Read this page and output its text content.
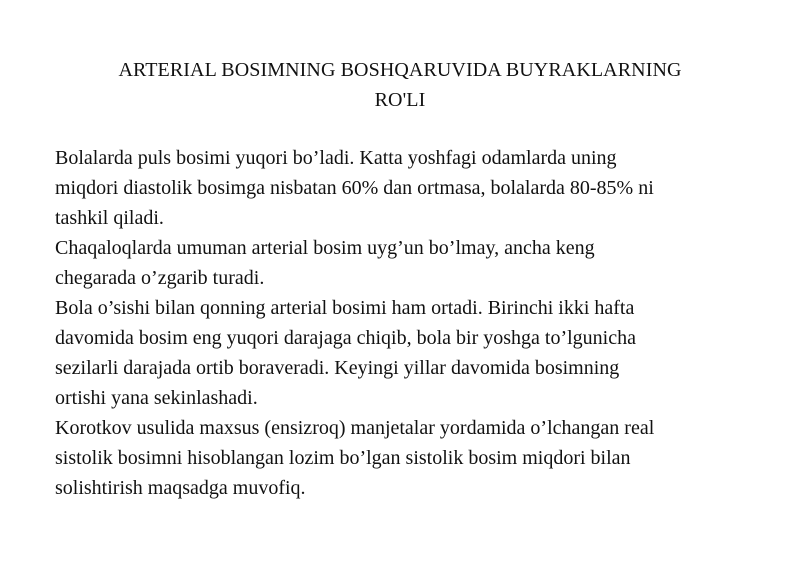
ARTERIAL BOSIMNING BOSHQARUVIDA BUYRAKLARNING
RO'LI
Bolalarda puls bosimi yuqori bo’ladi. Katta yoshfagi odamlarda uning
miqdori diastolik bosimga nisbatan 60% dan ortmasa, bolalarda 80-85% ni
tashkil qiladi.
Chaqaloqlarda umuman arterial bosim uyg’un bo’lmay, ancha keng
chegarada o’zgarib turadi.
Bola o’sishi bilan qonning arterial bosimi ham ortadi. Birinchi ikki hafta
davomida bosim eng yuqori darajaga chiqib, bola bir yoshga to’lgunicha
sezilarli darajada ortib boraveradi. Keyingi yillar davomida bosimning
ortishi yana sekinlashadi.
Korotkov usulida maxsus (ensizroq) manjetalar yordamida o’lchangan real
sistolik bosimni hisoblangan lozim bo’lgan sistolik bosim miqdori bilan
solishtirish maqsadga muvofiq.
